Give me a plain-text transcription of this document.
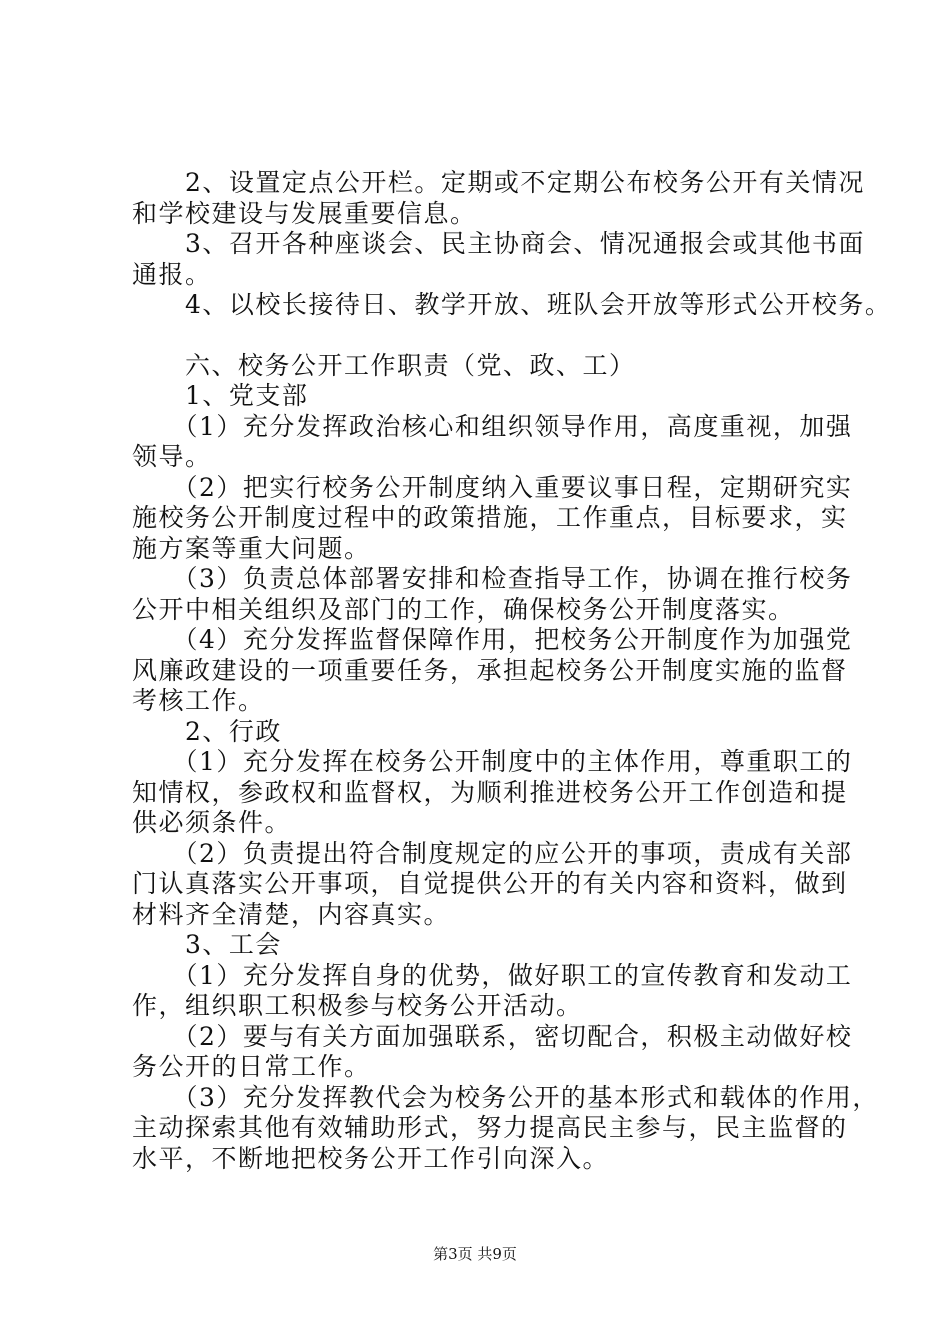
　　2、设置定点公开栏。定期或不定期公布校务公开有关情况
和学校建设与发展重要信息。
　　3、召开各种座谈会、民主协商会、情况通报会或其他书面
通报。
　　4、以校长接待日、教学开放、班队会开放等形式公开校务。
　　六、校务公开工作职责（党、政、工）
　　1、党支部
　　（1）充分发挥政治核心和组织领导作用，高度重视，加强
领导。
　　（2）把实行校务公开制度纳入重要议事日程，定期研究实
施校务公开制度过程中的政策措施，工作重点，目标要求，实
施方案等重大问题。
　　（3）负责总体部署安排和检查指导工作，协调在推行校务
公开中相关组织及部门的工作，确保校务公开制度落实。
　　（4）充分发挥监督保障作用，把校务公开制度作为加强党
风廉政建设的一项重要任务，承担起校务公开制度实施的监督
考核工作。
　　2、行政
　　（1）充分发挥在校务公开制度中的主体作用，尊重职工的
知情权，参政权和监督权，为顺利推进校务公开工作创造和提
供必须条件。
　　（2）负责提出符合制度规定的应公开的事项，责成有关部
门认真落实公开事项，自觉提供公开的有关内容和资料，做到
材料齐全清楚，内容真实。
　　3、工会
　　（1）充分发挥自身的优势，做好职工的宣传教育和发动工
作，组织职工积极参与校务公开活动。
　　（2）要与有关方面加强联系，密切配合，积极主动做好校
务公开的日常工作。
　　（3）充分发挥教代会为校务公开的基本形式和载体的作用，
主动探索其他有效辅助形式，努力提高民主参与，民主监督的
水平，不断地把校务公开工作引向深入。
第3页 共9页
